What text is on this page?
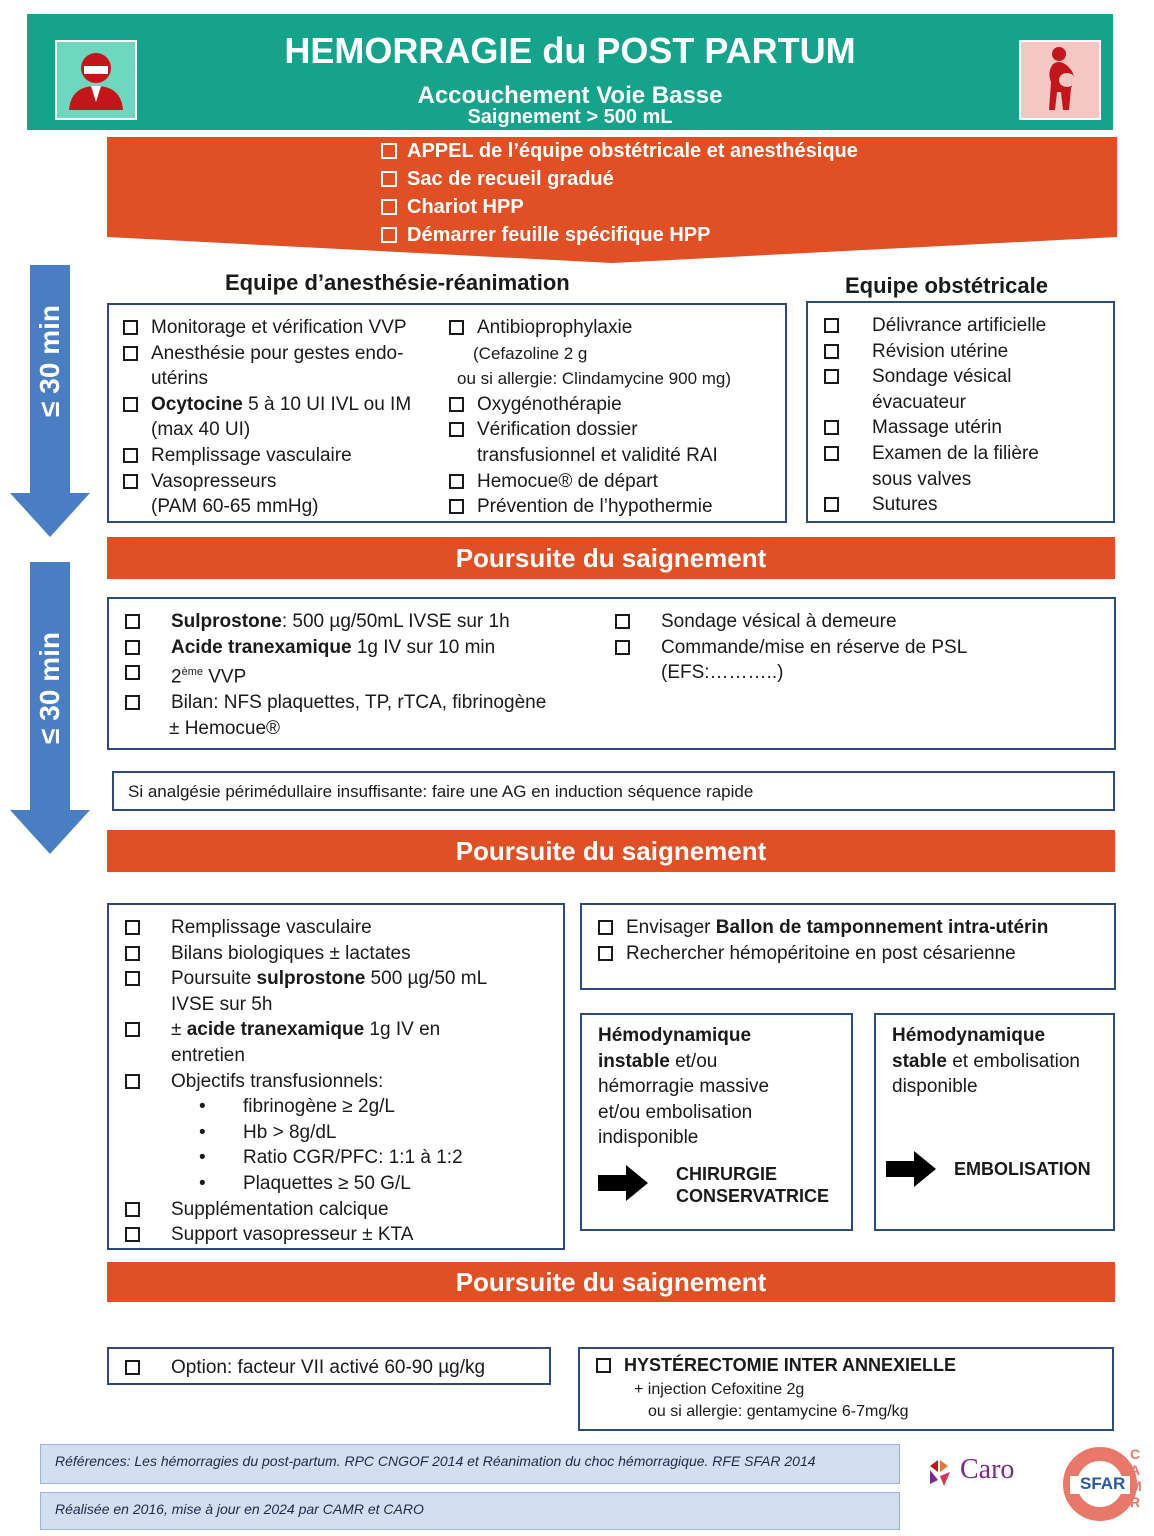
HEMORRAGIE du POST PARTUM
Accouchement Voie Basse
Saignement > 500 mL
APPEL de l’équipe obstétricale et anesthésique
Sac de recueil gradué
Chariot HPP
Démarrer feuille spécifique HPP
≤ 30 min
≤ 30 min
Equipe d’anesthésie-réanimation	Equipe obstétricale
Monitorage et vérification VVP
Anesthésie pour gestes endo-
utérins
Ocytocine 5 à 10 UI IVL ou IM
(max 40 UI)
Remplissage vasculaire
Vasopresseurs
(PAM 60-65 mmHg)
Antibioprophylaxie
(Cefazoline 2 g
ou si allergie: Clindamycine 900 mg)
Oxygénothérapie
Vérification dossier
transfusionnel et validité RAI
Hemocue® de départ
Prévention de l’hypothermie
Délivrance artificielle
Révision utérine
Sondage vésical
évacuateur
Massage utérin
Examen de la filière
sous valves
Sutures
Poursuite du saignement
Sulprostone: 500 µg/50mL IVSE sur 1h
Acide tranexamique 1g IV sur 10 min
2ème VVP
Bilan: NFS plaquettes, TP, rTCA, fibrinogène
± Hemocue®
Sondage vésical à demeure
Commande/mise en réserve de PSL
(EFS:………..)
Si analgésie périmédullaire insuffisante: faire une AG en induction séquence rapide
Poursuite du saignement
Remplissage vasculaire
Bilans biologiques ± lactates
Poursuite sulprostone 500 µg/50 mL
IVSE sur 5h
± acide tranexamique 1g IV en
entretien
Objectifs transfusionnels:
• fibrinogène ≥ 2g/L
• Hb > 8g/dL
• Ratio CGR/PFC: 1:1 à 1:2
• Plaquettes ≥ 50 G/L
Supplémentation calcique
Support vasopresseur ± KTA
Envisager Ballon de tamponnement intra-utérin
Rechercher hémopéritoine en post césarienne
Hémodynamique
instable et/ou
hémorragie massive
et/ou embolisation
indisponible
CHIRURGIE
CONSERVATRICE
Hémodynamique
stable et embolisation
disponible
EMBOLISATION
Poursuite du saignement
Option: facteur VII activé 60-90 µg/kg	HYSTÉRECTOMIE INTER ANNEXIELLE
+ injection Cefoxitine 2g
ou si allergie: gentamycine 6-7mg/kg
Références: Les hémorragies du post-partum. RPC CNGOF 2014 et Réanimation du choc hémorragique. RFE SFAR 2014
Réalisée en 2016, mise à jour en 2024 par CAMR et CARO
Caro	SFAR
CAMR
